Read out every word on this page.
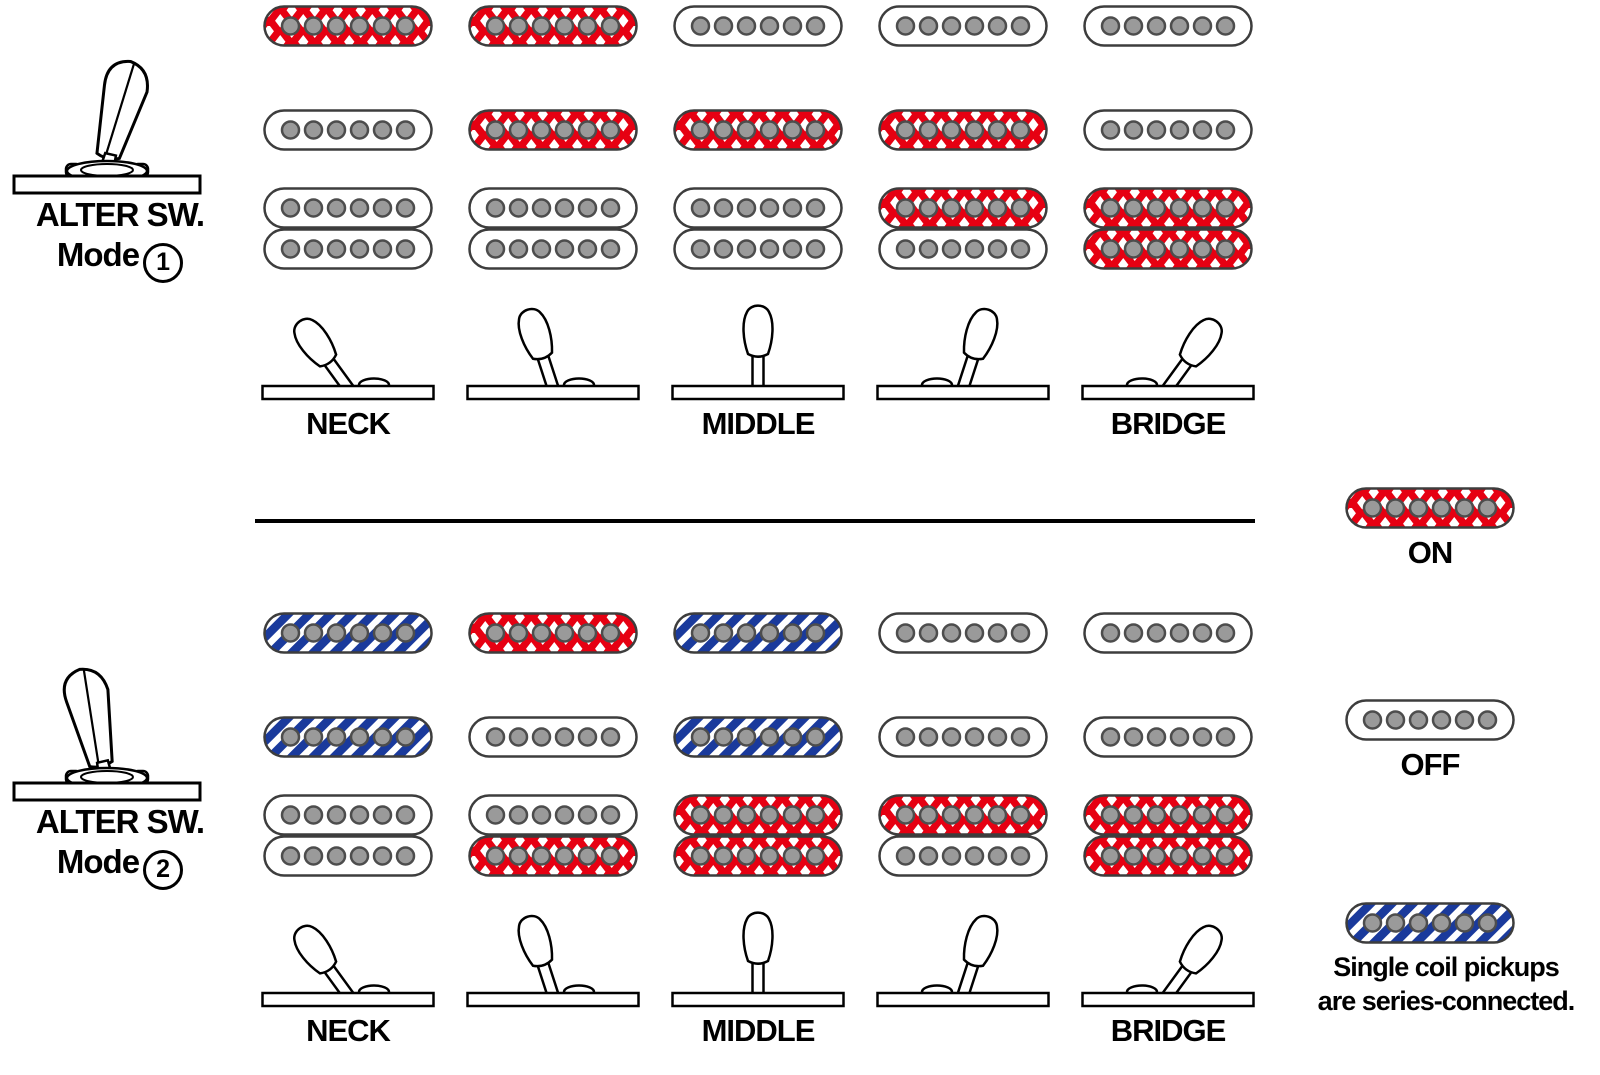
ALTER SW.
Mode 1
NECK	MIDDLE	BRIDGE
ALTER SW.
Mode 2
NECK	MIDDLE	BRIDGE
ON
OFF
Single coil pickups
are series-connected.
